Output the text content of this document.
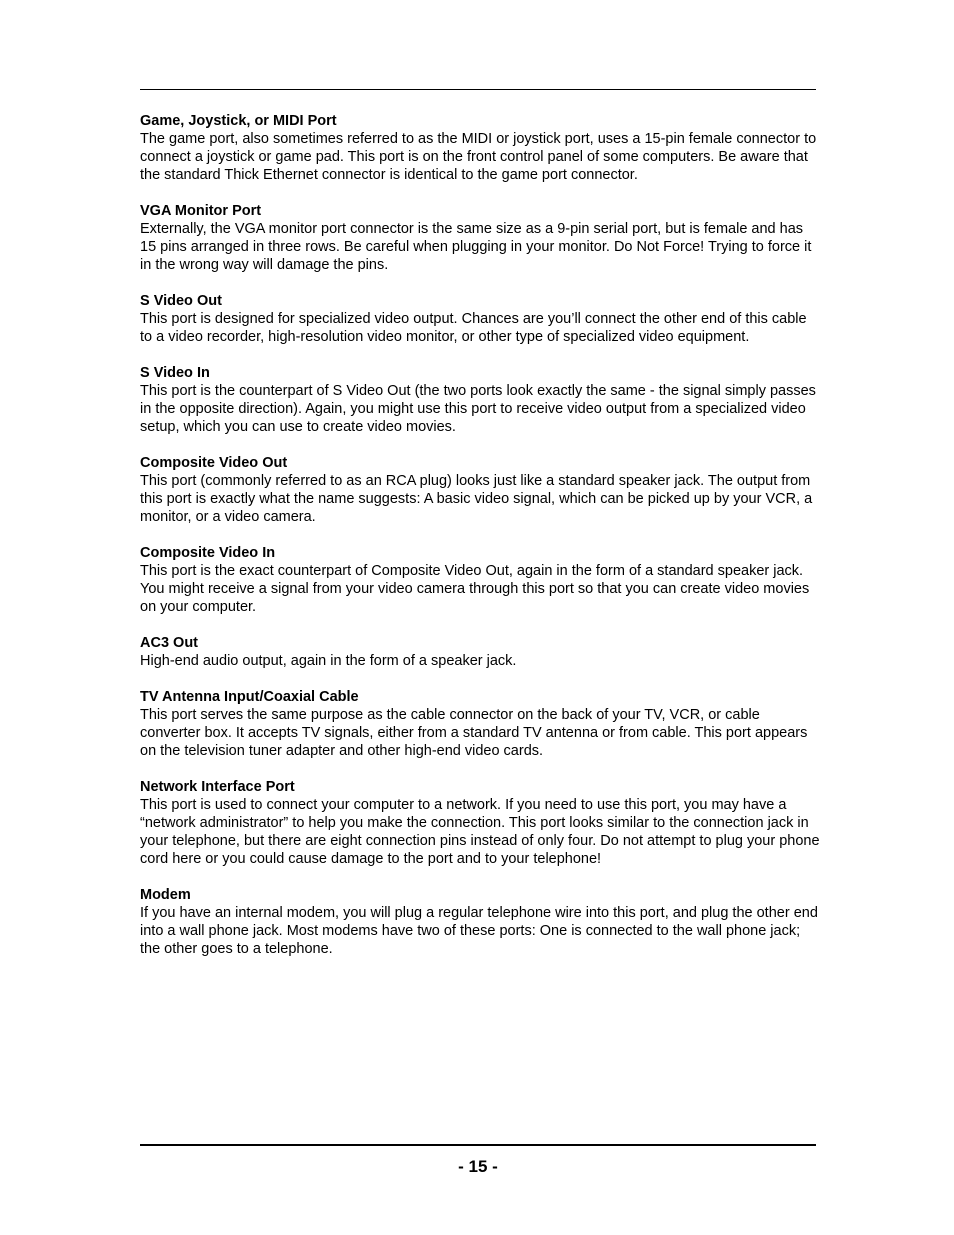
Game, Joystick, or MIDI Port

The game port, also sometimes referred to as the MIDI or joystick port, uses a 15-pin female connector to connect a joystick or game pad. This port is on the front control panel of some computers. Be aware that the standard Thick Ethernet connector is identical to the game port connector.

VGA Monitor Port

Externally, the VGA monitor port connector is the same size as a 9-pin serial port, but is female and has 15 pins arranged in three rows. Be careful when plugging in your monitor. Do Not Force! Trying to force it in the wrong way will damage the pins.

S Video Out

This port is designed for specialized video output. Chances are you’ll connect the other end of this cable to a video recorder, high-resolution video monitor, or other type of specialized video equipment.

S Video In

This port is the counterpart of S Video Out (the two ports look exactly the same - the signal simply passes in the opposite direction). Again, you might use this port to receive video output from a specialized video setup, which you can use to create video movies.

Composite Video Out

This port (commonly referred to as an RCA plug) looks just like a standard speaker jack. The output from this port is exactly what the name suggests: A basic video signal, which can be picked up by your VCR, a monitor, or a video camera.

Composite Video In

This port is the exact counterpart of Composite Video Out, again in the form of a standard speaker jack. You might receive a signal from your video camera through this port so that you can create video movies on your computer.

AC3 Out

High-end audio output, again in the form of a speaker jack.

TV Antenna Input/Coaxial Cable

This port serves the same purpose as the cable connector on the back of your TV, VCR, or cable converter box. It accepts TV signals, either from a standard TV antenna or from cable. This port appears on the television tuner adapter and other high-end video cards.

Network Interface Port

This port is used to connect your computer to a network. If you need to use this port, you may have a “network administrator” to help you make the connection. This port looks similar to the connection jack in your telephone, but there are eight connection pins instead of only four. Do not attempt to plug your phone cord here or you could cause damage to the port and to your telephone!

Modem

If you have an internal modem, you will plug a regular telephone wire into this port, and plug the other end into a wall phone jack. Most modems have two of these ports: One is connected to the wall phone jack; the other goes to a telephone.

- 15 -
